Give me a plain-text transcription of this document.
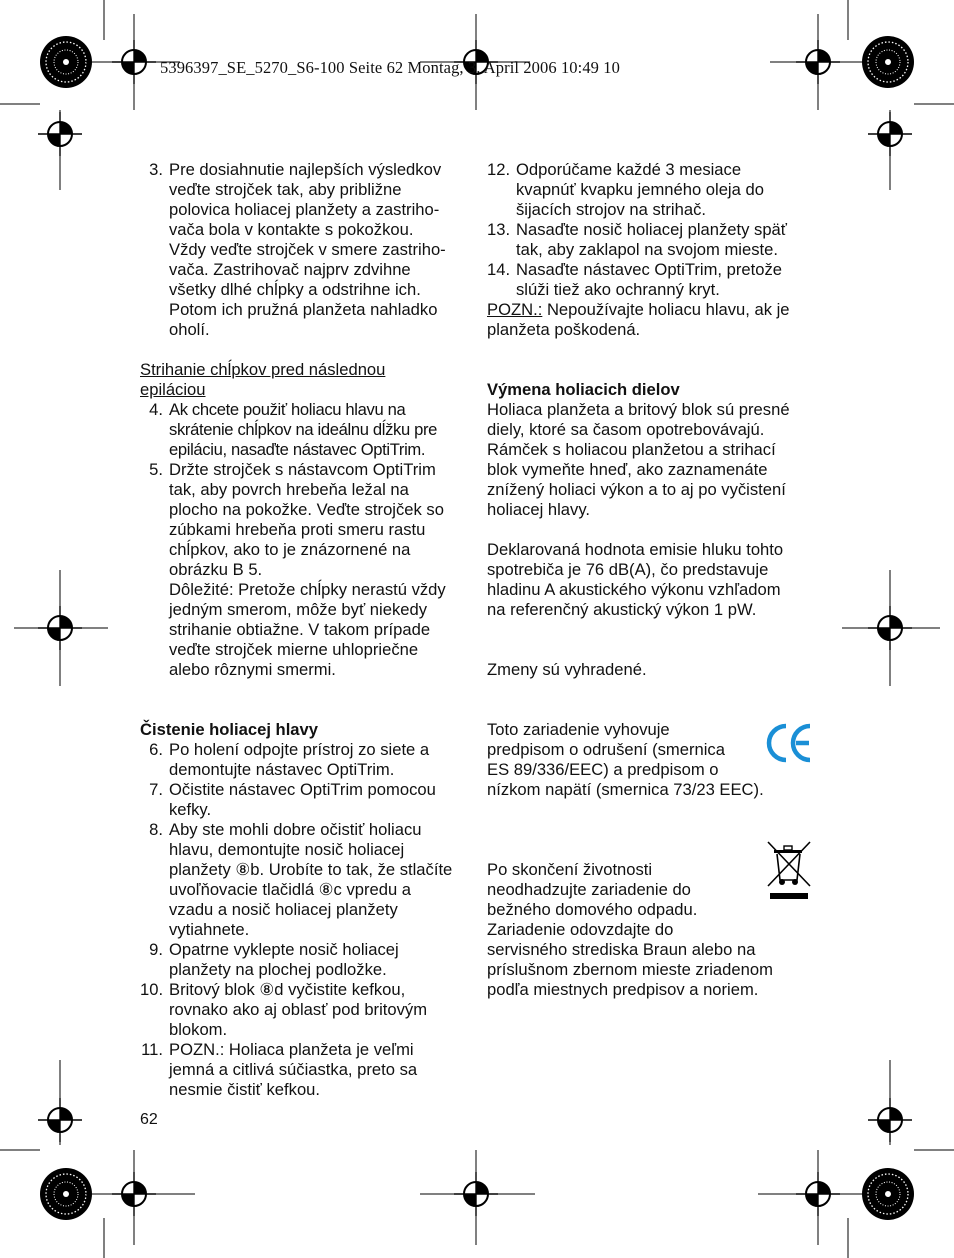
5396397_SE_5270_S6-100 Seite 62 Montag, 3. April 2006 10:49 10
3. Pre dosiahnutie najlepších výsledkov
veďte strojček tak, aby približne
polovica holiacej planžety a zastriho-
vača bola v kontakte s pokožkou.
Vždy veďte strojček v smere zastriho-
vača. Zastrihovač najprv zdvihne
všetky dlhé chĺpky a odstrihne ich.
Potom ich pružná planžeta nahladko
oholí.
Strihanie chĺpkov pred následnou
epiláciou
4. Ak chcete použiť holiacu hlavu na
skrátenie chĺpkov na ideálnu dĺžku pre
epiláciu, nasaďte nástavec OptiTrim.
5. Držte strojček s nástavcom OptiTrim
tak, aby povrch hrebeňa ležal na
plocho na pokožke. Veďte strojček so
zúbkami hrebeňa proti smeru rastu
chĺpkov, ako to je znázornené na
obrázku B 5.
Dôležité: Pretože chĺpky nerastú vždy
jedným smerom, môže byť niekedy
strihanie obtiažne. V takom prípade
veďte strojček mierne uhlopriečne
alebo rôznymi smermi.
Čistenie holiacej hlavy
6. Po holení odpojte prístroj zo siete a
demontujte nástavec OptiTrim.
7. Očistite nástavec OptiTrim pomocou
kefky.
8. Aby ste mohli dobre očistiť holiacu
hlavu, demontujte nosič holiacej
planžety ⑧b. Urobíte to tak, že stlačíte
uvoľňovacie tlačidlá ⑧c vpredu a
vzadu a nosič holiacej planžety
vytiahnete.
9. Opatrne vyklepte nosič holiacej
planžety na plochej podložke.
10. Britový blok ⑧d vyčistite kefkou,
rovnako ako aj oblasť pod britovým
blokom.
11. POZN.: Holiaca planžeta je veľmi
jemná a citlivá súčiastka, preto sa
nesmie čistiť kefkou.
12. Odporúčame každé 3 mesiace
kvapnúť kvapku jemného oleja do
šijacích strojov na strihač.
13. Nasaďte nosič holiacej planžety späť
tak, aby zaklapol na svojom mieste.
14. Nasaďte nástavec OptiTrim, pretože
slúži tiež ako ochranný kryt.
POZN.: Nepoužívajte holiacu hlavu, ak je
planžeta poškodená.
Výmena holiacich dielov
Holiaca planžeta a britový blok sú presné
diely, ktoré sa časom opotrebovávajú.
Rámček s holiacou planžetou a strihací
blok vymeňte hneď, ako zaznamenáte
znížený holiaci výkon a to aj po vyčistení
holiacej hlavy.
Deklarovaná hodnota emisie hluku tohto
spotrebiča je 76 dB(A), čo predstavuje
hladinu A akustického výkonu vzhľadom
na referenčný akustický výkon 1 pW.
Zmeny sú vyhradené.
Toto zariadenie vyhovuje
predpisom o odrušení (smernica
ES 89/336/EEC) a predpisom o
nízkom napätí (smernica 73/23 EEC).
Po skončení životnosti
neodhadzujte zariadenie do
bežného domového odpadu.
Zariadenie odovzdajte do
servisného strediska Braun alebo na
príslušnom zbernom mieste zriadenom
podľa miestnych predpisov a noriem.
62
